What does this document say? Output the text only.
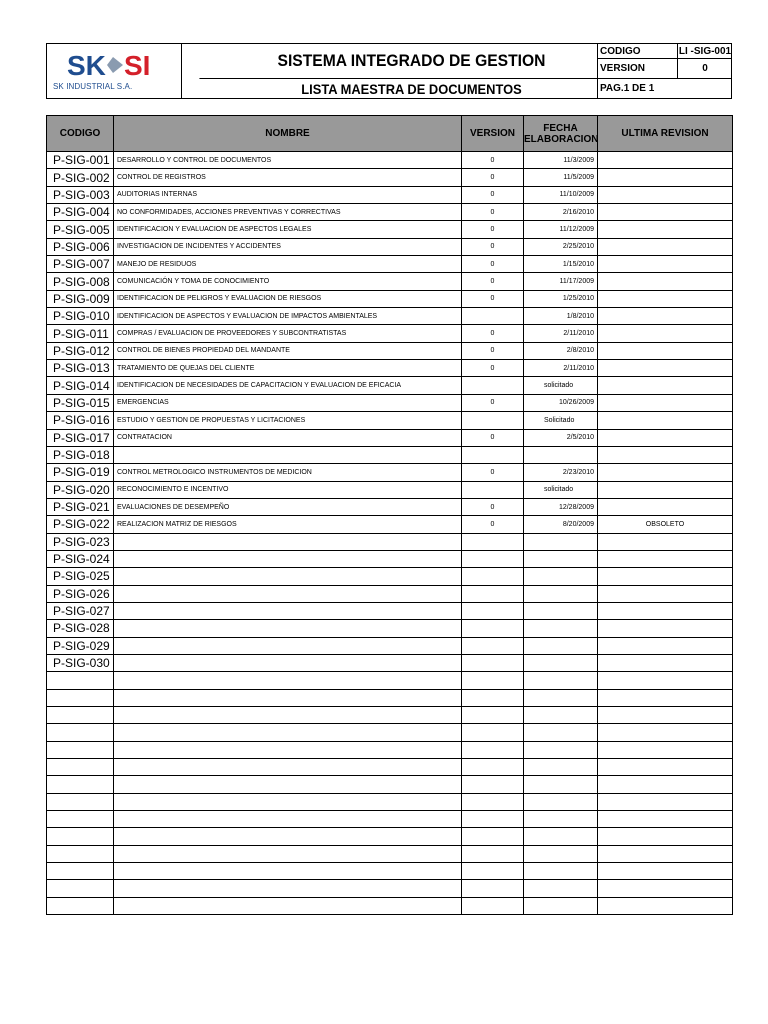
SK SI
SK INDUSTRIAL S.A.
SISTEMA INTEGRADO DE GESTION
LISTA MAESTRA DE DOCUMENTOS
CODIGO	LI -SIG-001
VERSION	0
PAG.1 DE 1
CODIGO	NOMBRE	VERSION	FECHA ELABORACION	ULTIMA REVISION
P-SIG-001	DESARROLLO Y CONTROL DE DOCUMENTOS	0	11/3/2009	
P-SIG-002	CONTROL DE REGISTROS	0	11/5/2009	
P-SIG-003	AUDITORIAS INTERNAS	0	11/10/2009	
P-SIG-004	NO CONFORMIDADES, ACCIONES PREVENTIVAS Y CORRECTIVAS	0	2/16/2010	
P-SIG-005	IDENTIFICACION Y EVALUACION DE ASPECTOS LEGALES	0	11/12/2009	
P-SIG-006	INVESTIGACION DE INCIDENTES Y ACCIDENTES	0	2/25/2010	
P-SIG-007	MANEJO DE RESIDUOS	0	1/15/2010	
P-SIG-008	COMUNICACIÓN Y TOMA DE CONOCIMIENTO	0	11/17/2009	
P-SIG-009	IDENTIFICACION DE PELIGROS Y EVALUACION DE RIESGOS	0	1/25/2010	
P-SIG-010	IDENTIFICACION DE ASPECTOS Y EVALUACION DE IMPACTOS AMBIENTALES		1/8/2010	
P-SIG-011	COMPRAS / EVALUACION DE PROVEEDORES Y SUBCONTRATISTAS	0	2/11/2010	
P-SIG-012	CONTROL DE BIENES PROPIEDAD DEL MANDANTE	0	2/8/2010	
P-SIG-013	TRATAMIENTO DE QUEJAS DEL CLIENTE	0	2/11/2010	
P-SIG-014	IDENTIFICACION DE NECESIDADES DE CAPACITACION Y EVALUACION DE EFICACIA		solicitado	
P-SIG-015	EMERGENCIAS	0	10/26/2009	
P-SIG-016	ESTUDIO Y GESTION DE PROPUESTAS Y LICITACIONES		Solicitado	
P-SIG-017	CONTRATACION	0	2/5/2010	
P-SIG-018				
P-SIG-019	CONTROL METROLOGICO INSTRUMENTOS DE MEDICION	0	2/23/2010	
P-SIG-020	RECONOCIMIENTO E INCENTIVO		solicitado	
P-SIG-021	EVALUACIONES DE DESEMPEÑO	0	12/28/2009	
P-SIG-022	REALIZACION MATRIZ DE RIESGOS	0	8/20/2009	OBSOLETO
P-SIG-023				
P-SIG-024				
P-SIG-025				
P-SIG-026				
P-SIG-027				
P-SIG-028				
P-SIG-029				
P-SIG-030				
